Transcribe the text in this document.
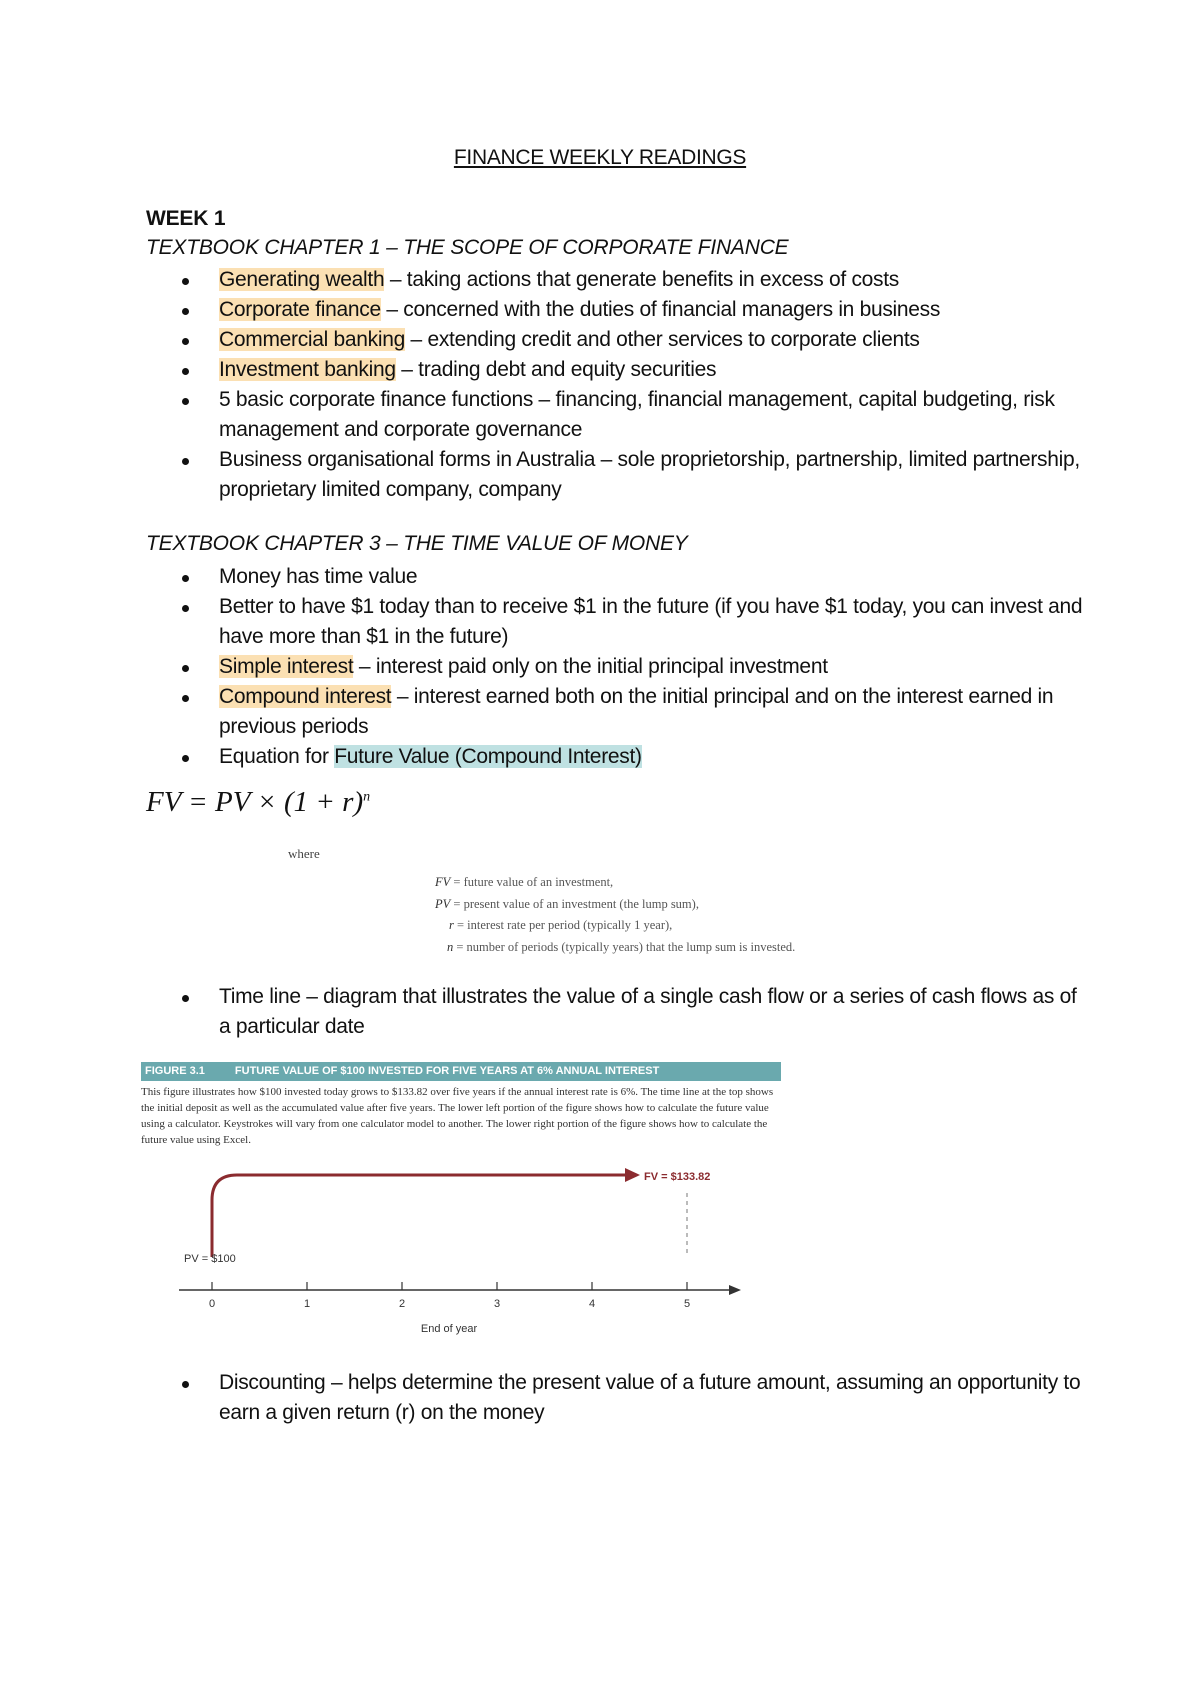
FINANCE WEEKLY READINGS
WEEK 1
TEXTBOOK CHAPTER 1 – THE SCOPE OF CORPORATE FINANCE
Generating wealth – taking actions that generate benefits in excess of costs
Corporate finance – concerned with the duties of financial managers in business
Commercial banking – extending credit and other services to corporate clients
Investment banking – trading debt and equity securities
5 basic corporate finance functions – financing, financial management, capital budgeting, risk management and corporate governance
Business organisational forms in Australia – sole proprietorship, partnership, limited partnership, proprietary limited company, company
TEXTBOOK CHAPTER 3 – THE TIME VALUE OF MONEY
Money has time value
Better to have $1 today than to receive $1 in the future (if you have $1 today, you can invest and have more than $1 in the future)
Simple interest – interest paid only on the initial principal investment
Compound interest – interest earned both on the initial principal and on the interest earned in previous periods
Equation for Future Value (Compound Interest)
FV = PV × $(1 + r)^n$
where
FV = future value of an investment,
PV = present value of an investment (the lump sum),
r = interest rate per period (typically 1 year),
n = number of periods (typically years) that the lump sum is invested.
Time line – diagram that illustrates the value of a single cash flow or a series of cash flows as of a particular date
FIGURE 3.1	FUTURE VALUE OF $100 INVESTED FOR FIVE YEARS AT 6% ANNUAL INTEREST
This figure illustrates how $100 invested today grows to $133.82 over five years if the annual interest rate is 6%. The time line at the top shows the initial deposit as well as the accumulated value after five years. The lower left portion of the figure shows how to calculate the future value using a calculator. Keystrokes will vary from one calculator model to another. The lower right portion of the figure shows how to calculate the future value using Excel.
FV = $133.82
PV = $100
0	1	2	3	4	5
End of year
Discounting – helps determine the present value of a future amount, assuming an opportunity to earn a given return (r) on the money
